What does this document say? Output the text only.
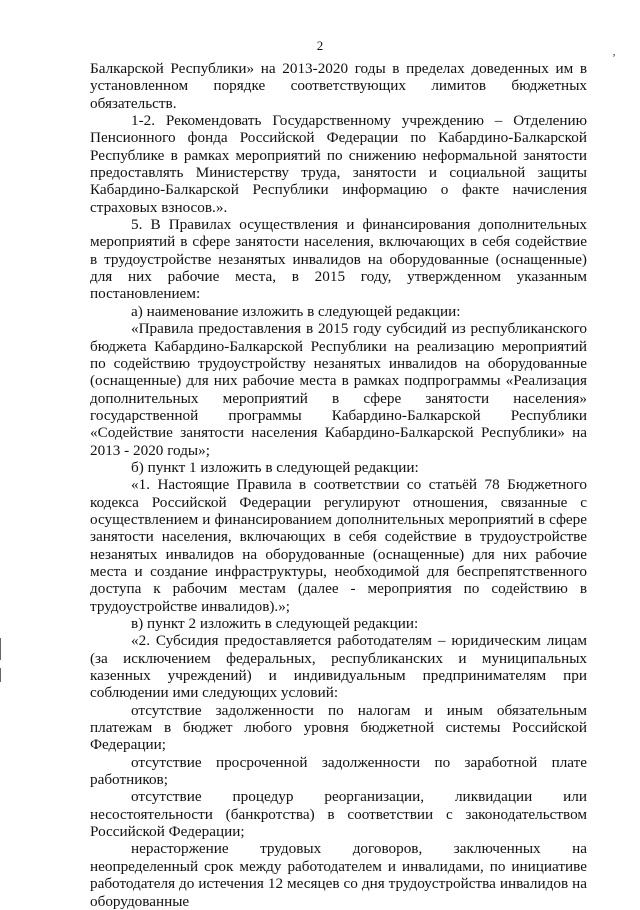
2	‚

Балкарской Республики» на 2013-2020 годы в пределах доведенных им в установленном порядке соответствующих лимитов бюджетных обязательств.

1-2. Рекомендовать Государственному учреждению – Отделению Пенсионного фонда Российской Федерации по Кабардино-Балкарской Республике в рамках мероприятий по снижению неформальной занятости предоставлять Министерству труда, занятости и социальной защиты Кабардино-Балкарской Республики информацию о факте начисления страховых взносов.».

5. В Правилах осуществления и финансирования дополнительных мероприятий в сфере занятости населения, включающих в себя содействие в трудоустройстве незанятых инвалидов на оборудованные (оснащенные) для них рабочие места, в 2015 году, утвержденном указанным постановлением:

а) наименование изложить в следующей редакции:

«Правила предоставления в 2015 году субсидий из республиканского бюджета Кабардино-Балкарской Республики на реализацию мероприятий по содействию трудоустройству незанятых инвалидов на оборудованные (оснащенные) для них рабочие места в рамках подпрограммы «Реализация дополнительных мероприятий в сфере занятости населения» государственной программы Кабардино-Балкарской Республики «Содействие занятости населения Кабардино-Балкарской Республики» на 2013 - 2020 годы»;

б) пункт 1 изложить в следующей редакции:

«1. Настоящие Правила в соответствии со статьёй 78 Бюджетного кодекса Российской Федерации регулируют отношения, связанные с осуществлением и финансированием дополнительных мероприятий в сфере занятости населения, включающих в себя содействие в трудоустройстве незанятых инвалидов на оборудованные (оснащенные) для них рабочие места и создание инфраструктуры, необходимой для беспрепятственного доступа к рабочим местам (далее - мероприятия по содействию в трудоустройстве инвалидов).»;

в) пункт 2 изложить в следующей редакции:

«2. Субсидия предоставляется работодателям – юридическим лицам (за исключением федеральных, республиканских и муниципальных казенных учреждений) и индивидуальным предпринимателям при соблюдении ими следующих условий:

отсутствие задолженности по налогам и иным обязательным платежам в бюджет любого уровня бюджетной системы Российской Федерации;

отсутствие просроченной задолженности по заработной плате работников;

отсутствие процедур реорганизации, ликвидации или несостоятельности (банкротства) в соответствии с законодательством Российской Федерации;

нерасторжение трудовых договоров, заключенных на неопределенный срок между работодателем и инвалидами, по инициативе работодателя до истечения 12 месяцев со дня трудоустройства инвалидов на оборудованные
